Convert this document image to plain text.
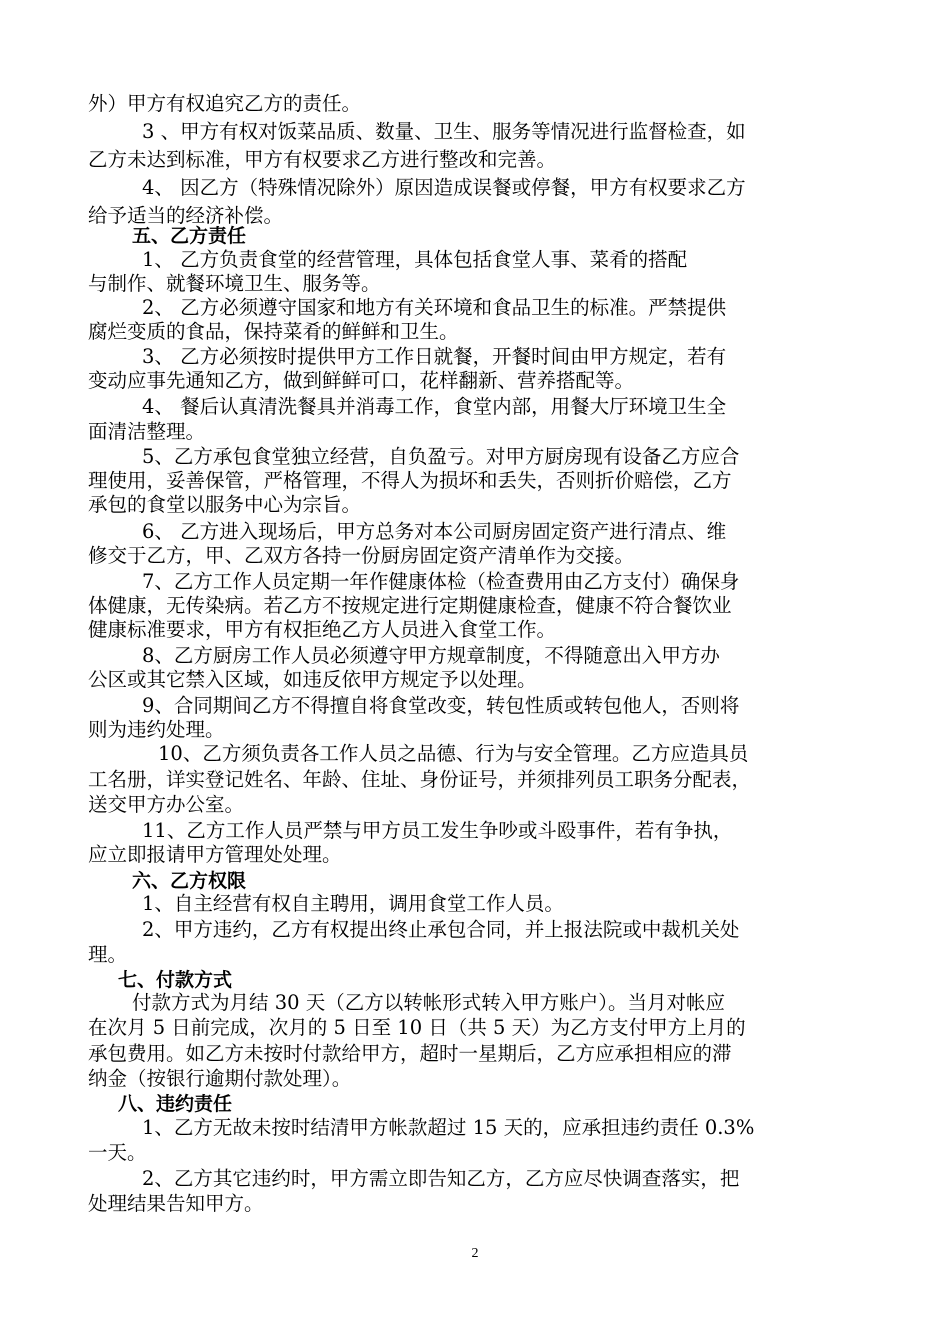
外）甲方有权追究乙方的责任。
3 、甲方有权对饭菜品质、数量、卫生、服务等情况进行监督检查，如
乙方未达到标准，甲方有权要求乙方进行整改和完善。
4、 因乙方（特殊情况除外）原因造成误餐或停餐，甲方有权要求乙方
给予适当的经济补偿。
五、乙方责任
1、 乙方负责食堂的经营管理，具体包括食堂人事、菜肴的搭配
与制作、就餐环境卫生、服务等。
2、 乙方必须遵守国家和地方有关环境和食品卫生的标准。严禁提供
腐烂变质的食品，保持菜肴的鲜鲜和卫生。
3、 乙方必须按时提供甲方工作日就餐，开餐时间由甲方规定，若有
变动应事先通知乙方，做到鲜鲜可口，花样翻新、营养搭配等。
4、 餐后认真清洗餐具并消毒工作，食堂内部，用餐大厅环境卫生全
面清洁整理。
5、乙方承包食堂独立经营，自负盈亏。对甲方厨房现有设备乙方应合
理使用，妥善保管，严格管理，不得人为损坏和丢失，否则折价赔偿，乙方
承包的食堂以服务中心为宗旨。
6、 乙方进入现场后，甲方总务对本公司厨房固定资产进行清点、维
修交于乙方，甲、乙双方各持一份厨房固定资产清单作为交接。
7、乙方工作人员定期一年作健康体检（检查费用由乙方支付）确保身
体健康，无传染病。若乙方不按规定进行定期健康检查，健康不符合餐饮业
健康标准要求，甲方有权拒绝乙方人员进入食堂工作。
8、乙方厨房工作人员必须遵守甲方规章制度，不得随意出入甲方办
公区或其它禁入区域，如违反依甲方规定予以处理。
9、合同期间乙方不得擅自将食堂改变，转包性质或转包他人，否则将
则为违约处理。
10、乙方须负责各工作人员之品德、行为与安全管理。乙方应造具员
工名册，详实登记姓名、年龄、住址、身份证号，并须排列员工职务分配表，
送交甲方办公室。
11、乙方工作人员严禁与甲方员工发生争吵或斗殴事件，若有争执，
应立即报请甲方管理处处理。
六、乙方权限
1、自主经营有权自主聘用，调用食堂工作人员。
2、甲方违约，乙方有权提出终止承包合同，并上报法院或中裁机关处
理。
七、付款方式
付款方式为月结 30 天（乙方以转帐形式转入甲方账户）。当月对帐应
在次月 5 日前完成，次月的 5 日至 10 日（共 5 天）为乙方支付甲方上月的
承包费用。如乙方未按时付款给甲方，超时一星期后，乙方应承担相应的滞
纳金（按银行逾期付款处理）。
八、违约责任
1、乙方无故未按时结清甲方帐款超过 15 天的，应承担违约责任 0.3%
一天。
2、乙方其它违约时，甲方需立即告知乙方，乙方应尽快调查落实，把
处理结果告知甲方。
2
